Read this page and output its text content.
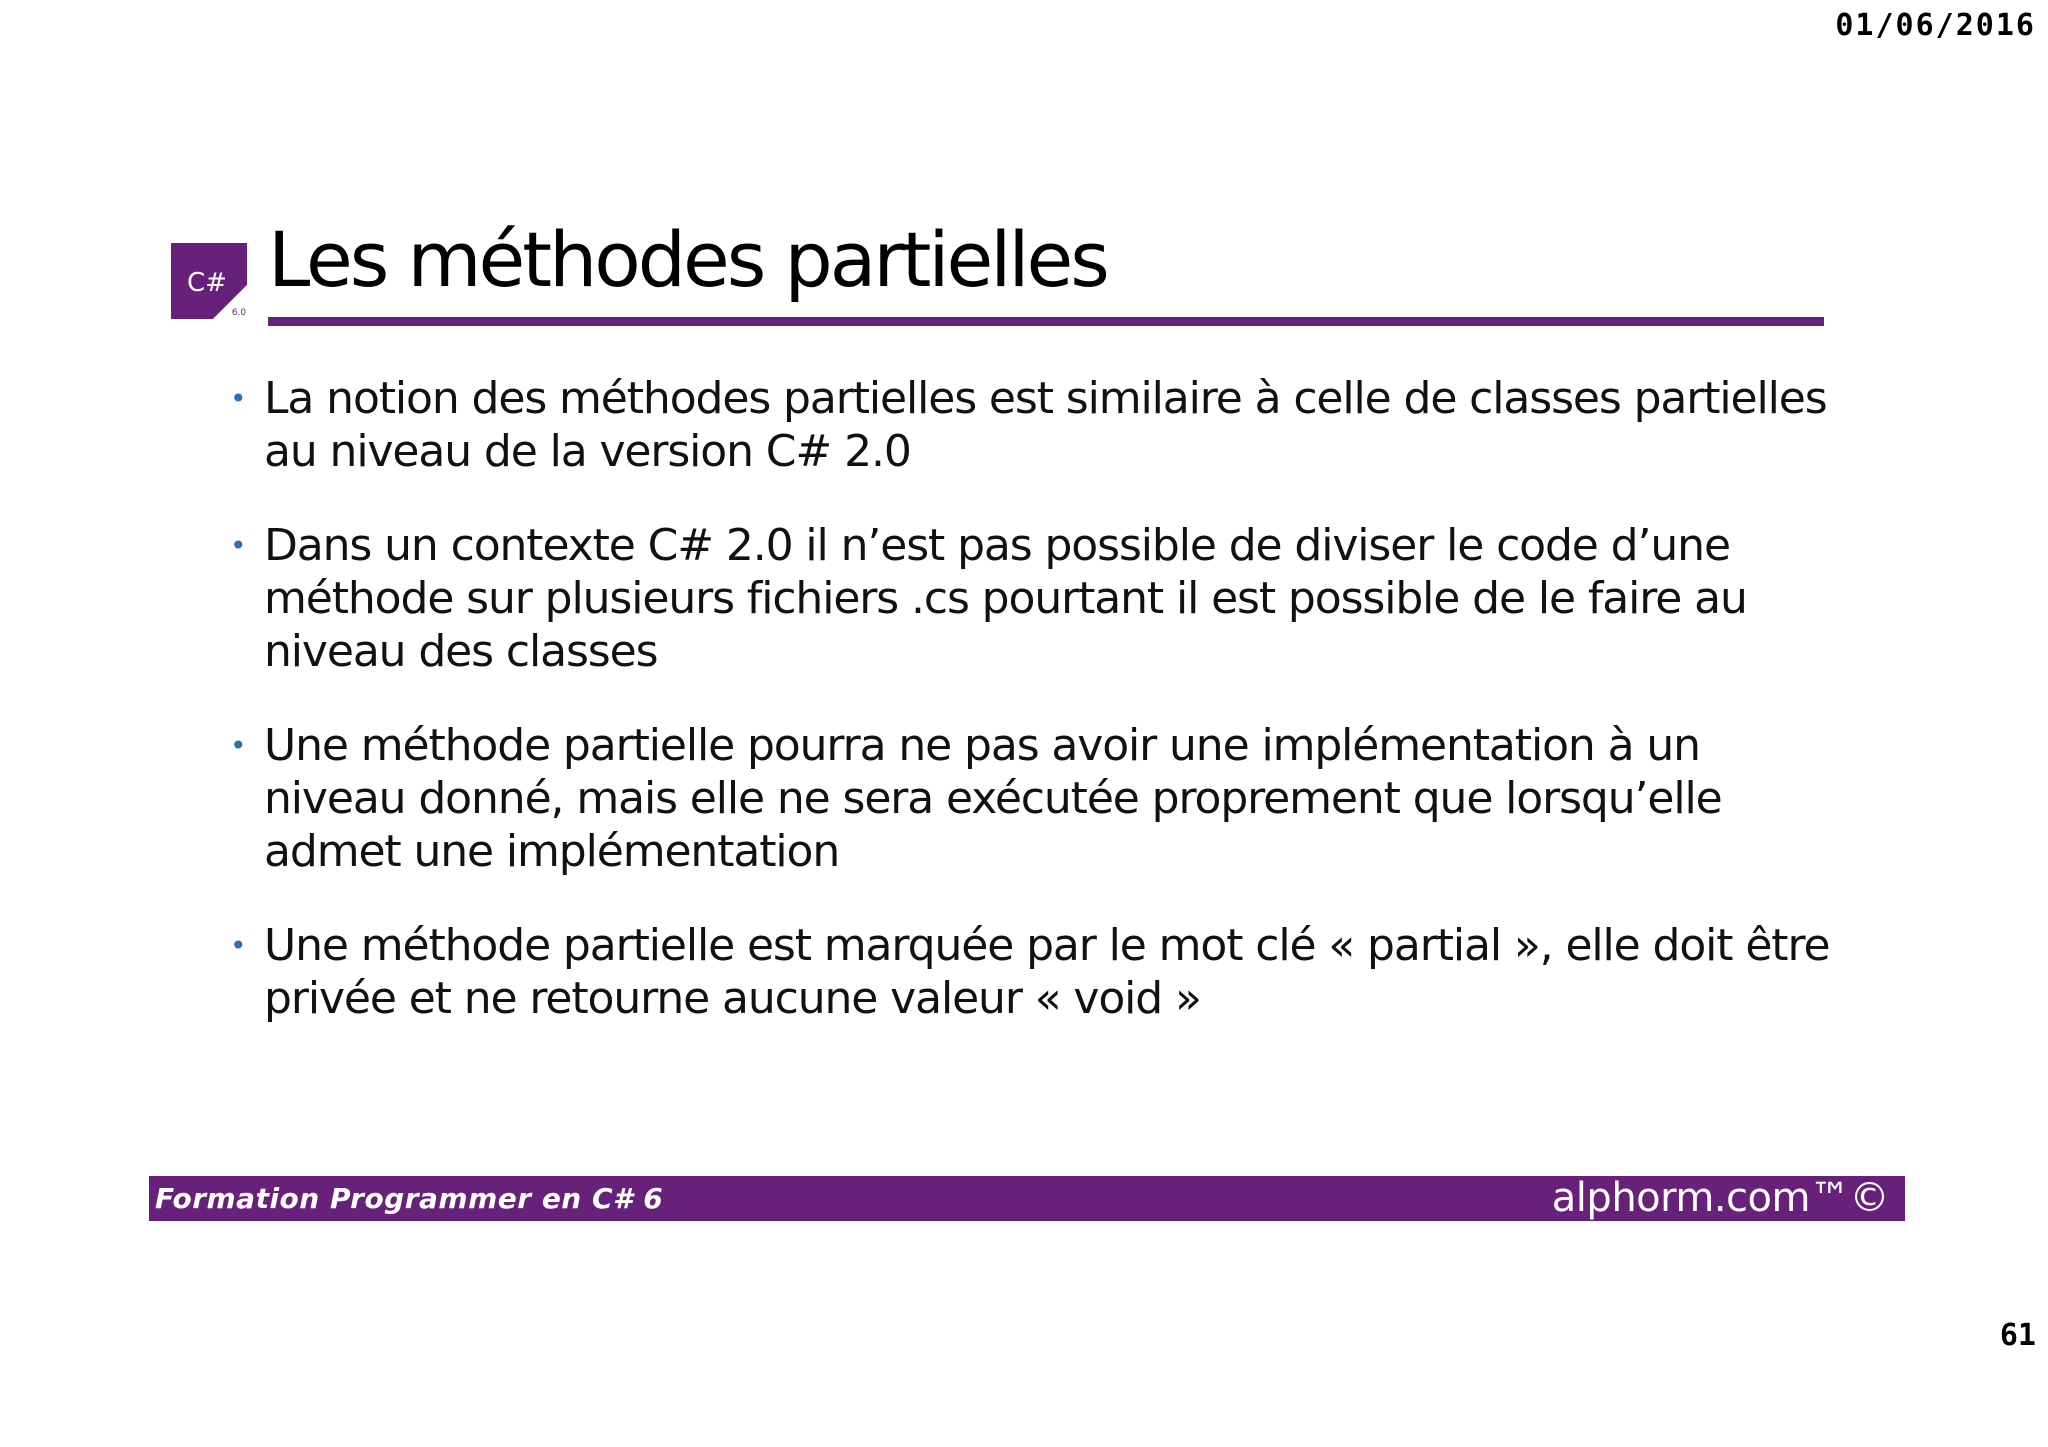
01/06/2016
C#
6.0
Les méthodes partielles
• La notion des méthodes partielles est similaire à celle de classes partielles au niveau de la version C# 2.0
• Dans un contexte C# 2.0 il n’est pas possible de diviser le code d’une méthode sur plusieurs fichiers .cs pourtant il est possible de le faire au niveau des classes
• Une méthode partielle pourra ne pas avoir une implémentation à un niveau donné, mais elle ne sera exécutée proprement que lorsqu’elle admet une implémentation
• Une méthode partielle est marquée par le mot clé « partial », elle doit être privée et ne retourne aucune valeur « void »
Formation Programmer en C# 6	alphorm.com™©
61
